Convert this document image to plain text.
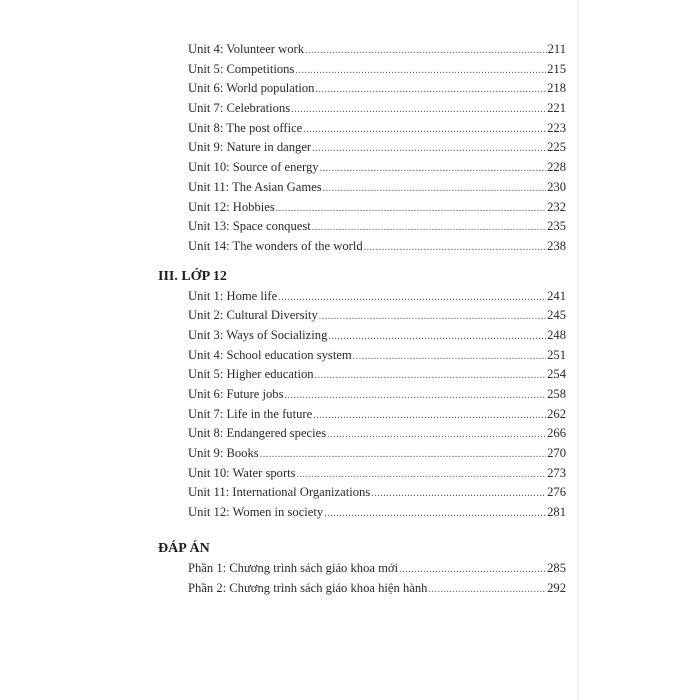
Unit 4: Volunteer work .....	211
Unit 5: Competitions .....	215
Unit 6: World population .....	218
Unit 7: Celebrations .....	221
Unit 8: The post office .....	223
Unit 9: Nature in danger .....	225
Unit 10: Source of energy .....	228
Unit 11: The Asian Games .....	230
Unit 12: Hobbies .....	232
Unit 13: Space conquest .....	235
Unit 14: The wonders of the world .....	238
III. LỚP 12
Unit 1: Home life .....	241
Unit 2: Cultural Diversity .....	245
Unit 3: Ways of Socializing .....	248
Unit 4: School education system .....	251
Unit 5: Higher education .....	254
Unit 6: Future jobs .....	258
Unit 7: Life in the future .....	262
Unit 8: Endangered species .....	266
Unit 9: Books .....	270
Unit 10: Water sports .....	273
Unit 11: International Organizations .....	276
Unit 12: Women in society .....	281
ĐÁP ÁN
Phần 1: Chương trình sách giáo khoa mới .....	285
Phần 2: Chương trình sách giáo khoa hiện hành .....	292
